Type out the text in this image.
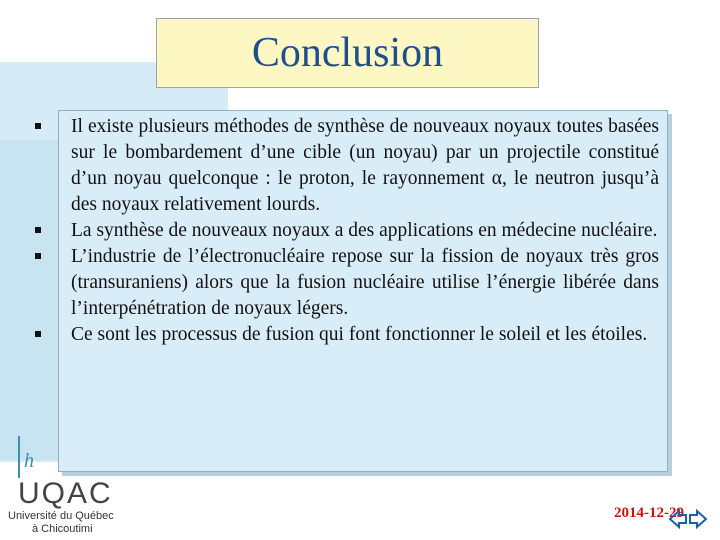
h
Conclusion
Il existe plusieurs méthodes de synthèse de nouveaux noyaux toutes basées sur le bombardement d’une cible (un noyau) par un projectile constitué d’un noyau quelconque : le proton, le rayonnement α, le neutron jusqu’à des noyaux relativement lourds.
La synthèse de nouveaux noyaux a des applications en médecine nucléaire.
L’industrie de l’électronucléaire repose sur la fission de noyaux très gros (transuraniens) alors que la fusion nucléaire utilise l’énergie libérée dans l’interpénétration de noyaux légers.
Ce sont les processus de fusion qui font fonctionner le soleil et les étoiles.
UQAC
Université du Québec
à Chicoutimi
2014-12-29
